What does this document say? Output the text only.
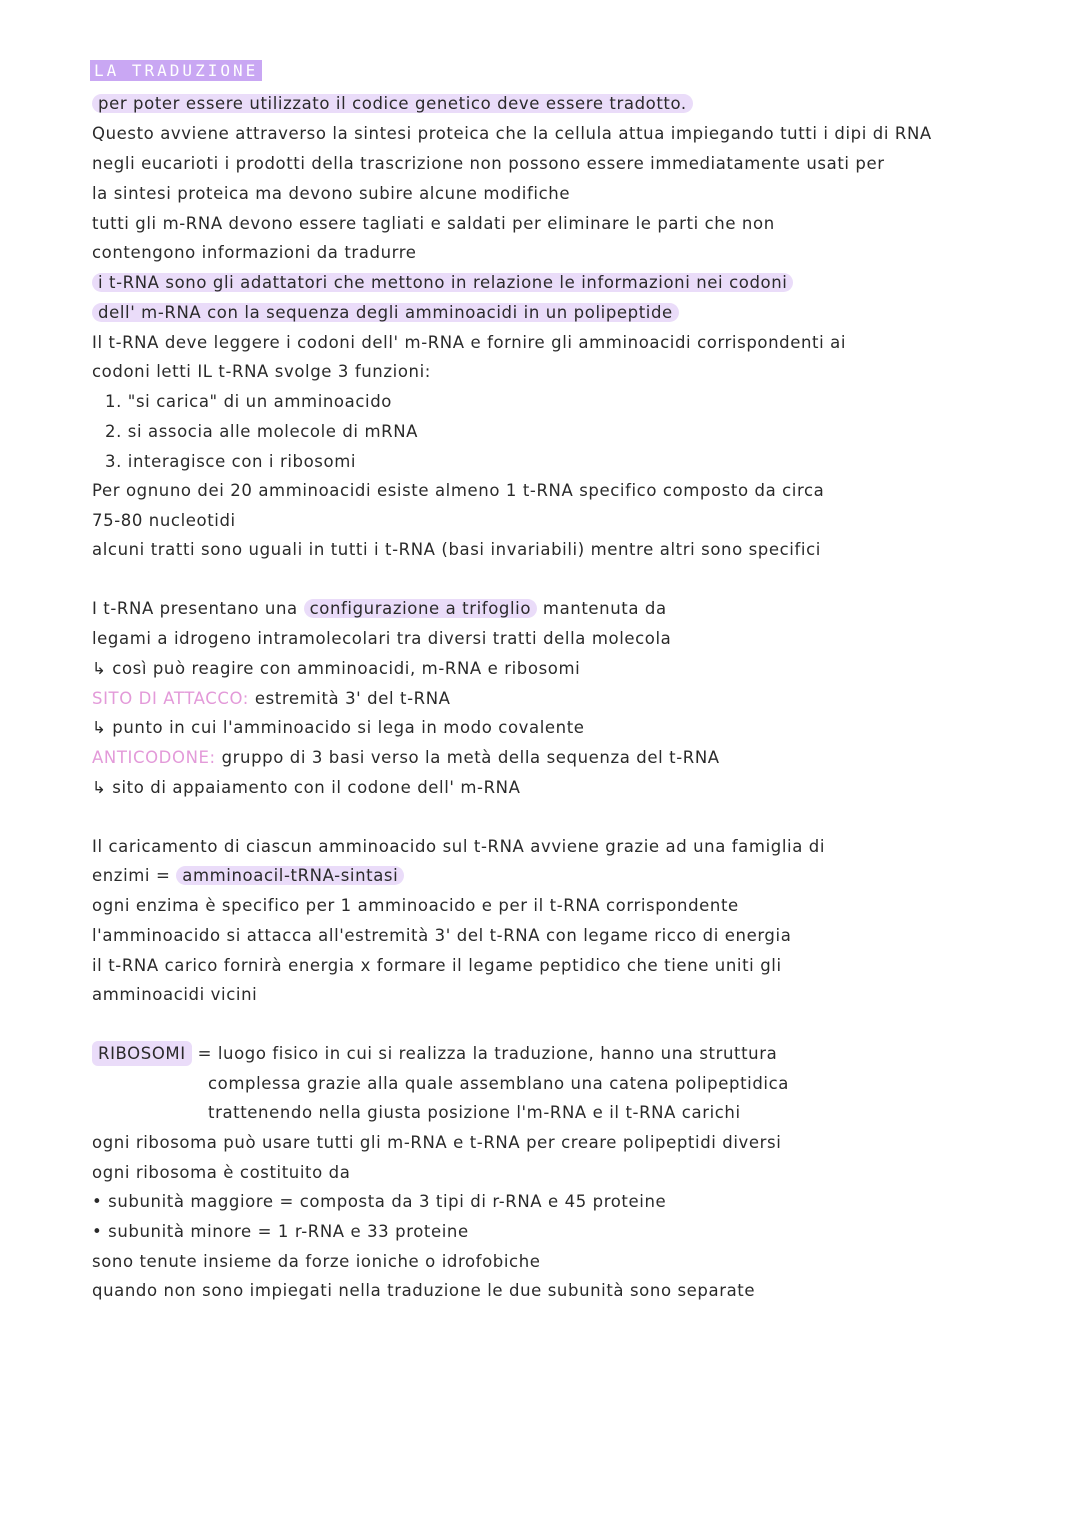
LA TRADUZIONE
per poter essere utilizzato il codice genetico deve essere tradotto.
Questo avviene attraverso la sintesi proteica che la cellula attua impiegando tutti i dipi di RNA
negli eucarioti i prodotti della trascrizione non possono essere immediatamente usati per
la sintesi proteica ma devono subire alcune modifiche
tutti gli m-RNA devono essere tagliati e saldati per eliminare le parti che non
contengono informazioni da tradurre
i t-RNA sono gli adattatori che mettono in relazione le informazioni nei codoni
dell' m-RNA con la sequenza degli amminoacidi in un polipeptide
Il t-RNA deve leggere i codoni dell' m-RNA e fornire gli amminoacidi corrispondenti ai
codoni letti IL t-RNA svolge 3 funzioni:
1. "si carica" di un amminoacido
2. si associa alle molecole di mRNA
3. interagisce con i ribosomi
Per ognuno dei 20 amminoacidi esiste almeno 1 t-RNA specifico composto da circa
75-80 nucleotidi
alcuni tratti sono uguali in tutti i t-RNA (basi invariabili) mentre altri sono specifici
I t-RNA presentano una configurazione a trifoglio mantenuta da
legami a idrogeno intramolecolari tra diversi tratti della molecola
↳ così può reagire con amminoacidi, m-RNA e ribosomi
SITO DI ATTACCO: estremità 3' del t-RNA
↳ punto in cui l'amminoacido si lega in modo covalente
ANTICODONE: gruppo di 3 basi verso la metà della sequenza del t-RNA
↳ sito di appaiamento con il codone dell' m-RNA
Il caricamento di ciascun amminoacido sul t-RNA avviene grazie ad una famiglia di
enzimi = amminoacil-tRNA-sintasi
ogni enzima è specifico per 1 amminoacido e per il t-RNA corrispondente
l'amminoacido si attacca all'estremità 3' del t-RNA con legame ricco di energia
il t-RNA carico fornirà energia x formare il legame peptidico che tiene uniti gli
amminoacidi vicini
RIBOSOMI = luogo fisico in cui si realizza la traduzione, hanno una struttura
complessa grazie alla quale assemblano una catena polipeptidica
trattenendo nella giusta posizione l'm-RNA e il t-RNA carichi
ogni ribosoma può usare tutti gli m-RNA e t-RNA per creare polipeptidi diversi
ogni ribosoma è costituito da
• subunità maggiore = composta da 3 tipi di r-RNA e 45 proteine
• subunità minore = 1 r-RNA e 33 proteine
sono tenute insieme da forze ioniche o idrofobiche
quando non sono impiegati nella traduzione le due subunità sono separate
